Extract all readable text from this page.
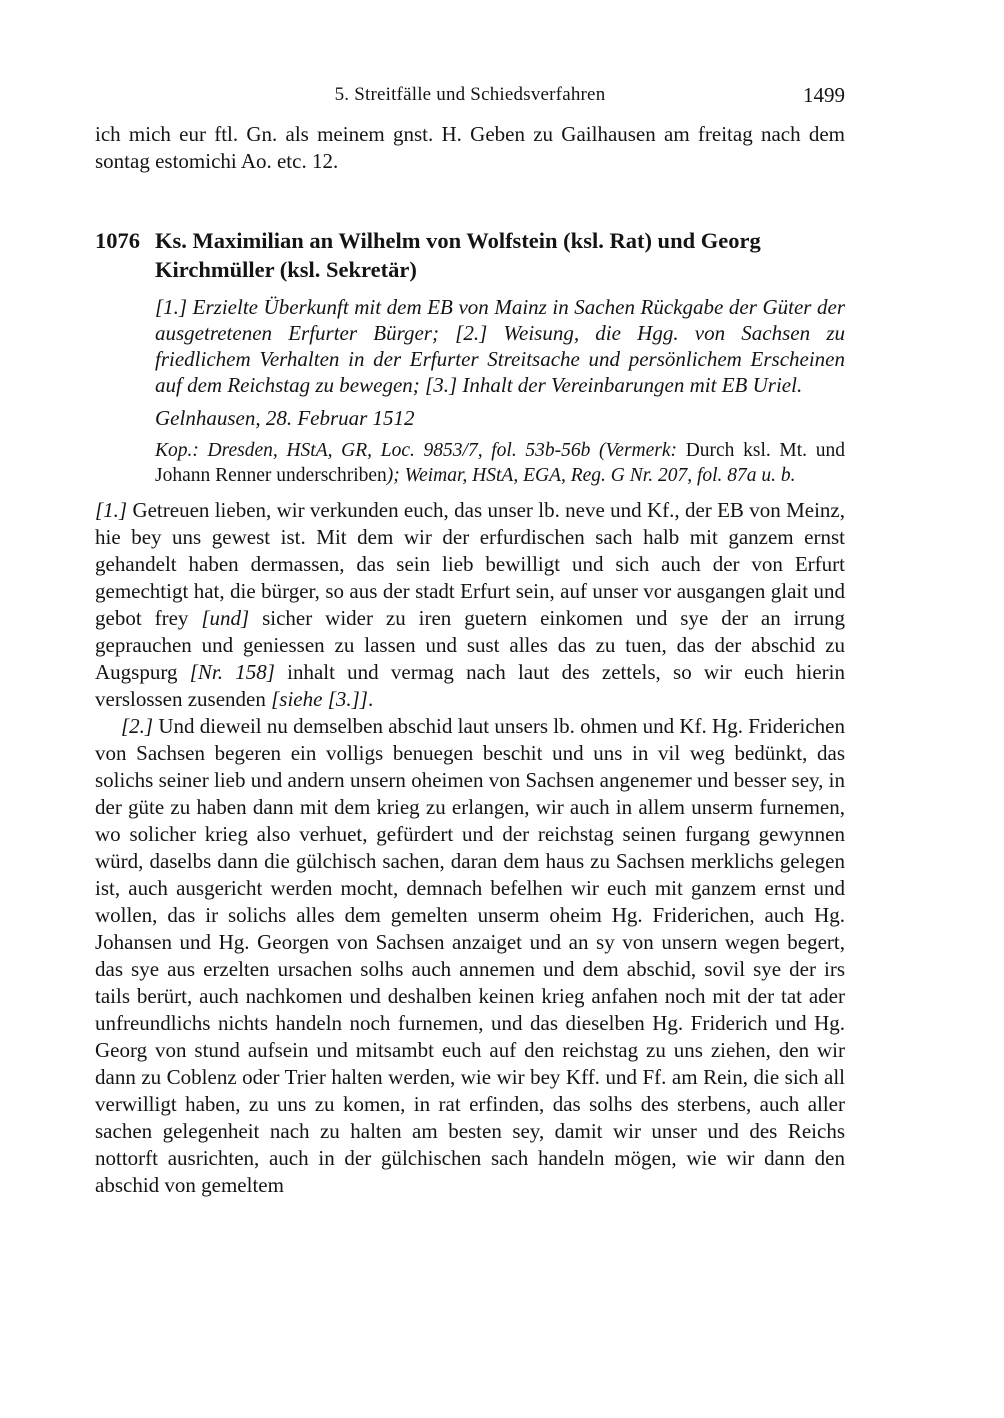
5. Streitfälle und Schiedsverfahren	1499

ich mich eur ftl. Gn. als meinem gnst. H. Geben zu Gailhausen am freitag nach dem sontag estomichi Ao. etc. 12.

1076 Ks. Maximilian an Wilhelm von Wolfstein (ksl. Rat) und Georg Kirchmüller (ksl. Sekretär)

[1.] Erzielte Überkunft mit dem EB von Mainz in Sachen Rückgabe der Güter der ausgetretenen Erfurter Bürger; [2.] Weisung, die Hgg. von Sachsen zu friedlichem Verhalten in der Erfurter Streitsache und persönlichem Erscheinen auf dem Reichstag zu bewegen; [3.] Inhalt der Vereinbarungen mit EB Uriel.

Gelnhausen, 28. Februar 1512

Kop.: Dresden, HStA, GR, Loc. 9853/7, fol. 53b-56b (Vermerk: Durch ksl. Mt. und Johann Renner underschriben); Weimar, HStA, EGA, Reg. G Nr. 207, fol. 87a u. b.

[1.] Getreuen lieben, wir verkunden euch, das unser lb. neve und Kf., der EB von Meinz, hie bey uns gewest ist. Mit dem wir der erfurdischen sach halb mit ganzem ernst gehandelt haben dermassen, das sein lieb bewilligt und sich auch der von Erfurt gemechtigt hat, die bürger, so aus der stadt Erfurt sein, auf unser vor ausgangen glait und gebot frey [und] sicher wider zu iren guetern einkomen und sye der an irrung geprauchen und geniessen zu lassen und sust alles das zu tuen, das der abschid zu Augspurg [Nr. 158] inhalt und vermag nach laut des zettels, so wir euch hierin verslossen zusenden [siehe [3.]].

[2.] Und dieweil nu demselben abschid laut unsers lb. ohmen und Kf. Hg. Friderichen von Sachsen begeren ein volligs benuegen beschit und uns in vil weg bedünkt, das solichs seiner lieb und andern unsern oheimen von Sachsen angenemer und besser sey, in der güte zu haben dann mit dem krieg zu erlangen, wir auch in allem unserm furnemen, wo solicher krieg also verhuet, gefürdert und der reichstag seinen furgang gewynnen würd, daselbs dann die gülchisch sachen, daran dem haus zu Sachsen merklichs gelegen ist, auch ausgericht werden mocht, demnach befelhen wir euch mit ganzem ernst und wollen, das ir solichs alles dem gemelten unserm oheim Hg. Friderichen, auch Hg. Johansen und Hg. Georgen von Sachsen anzaiget und an sy von unsern wegen begert, das sye aus erzelten ursachen solhs auch annemen und dem abschid, sovil sye der irs tails berürt, auch nachkomen und deshalben keinen krieg anfahen noch mit der tat ader unfreundlichs nichts handeln noch furnemen, und das dieselben Hg. Friderich und Hg. Georg von stund aufsein und mitsambt euch auf den reichstag zu uns ziehen, den wir dann zu Coblenz oder Trier halten werden, wie wir bey Kff. und Ff. am Rein, die sich all verwilligt haben, zu uns zu komen, in rat erfinden, das solhs des sterbens, auch aller sachen gelegenheit nach zu halten am besten sey, damit wir unser und des Reichs nottorft ausrichten, auch in der gülchischen sach handeln mögen, wie wir dann den abschid von gemeltem
